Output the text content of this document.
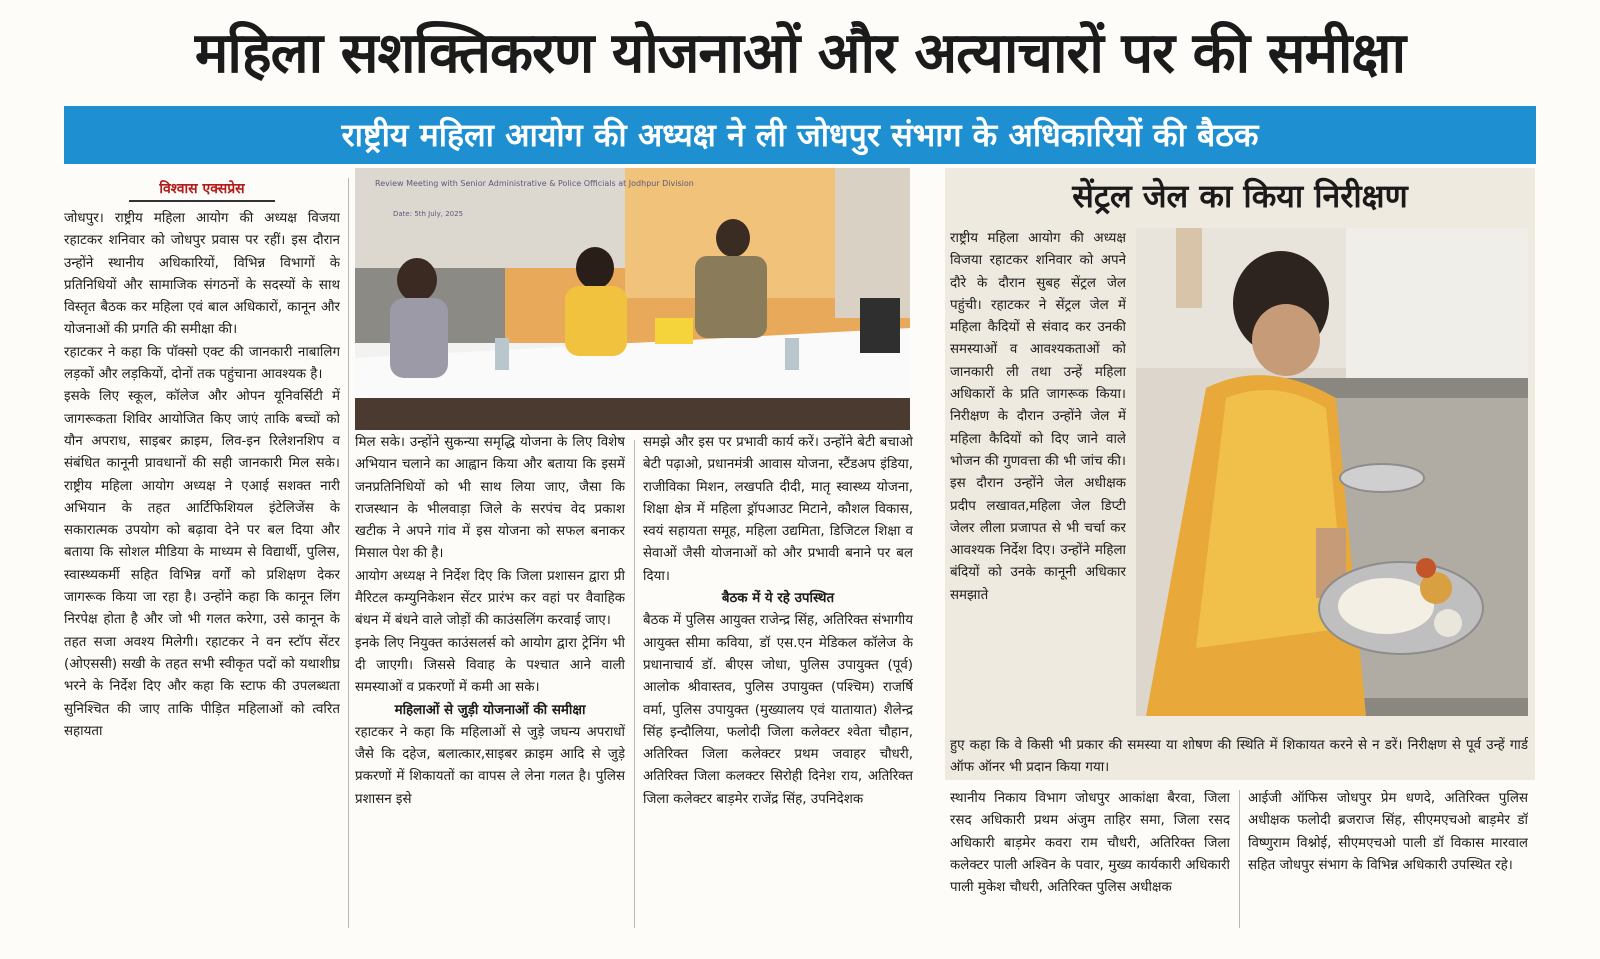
महिला सशक्तिकरण योजनाओं और अत्याचारों पर की समीक्षा
राष्ट्रीय महिला आयोग की अध्यक्ष ने ली जोधपुर संभाग के अधिकारियों की बैठक
विश्वास एक्सप्रेस

जोधपुर। राष्ट्रीय महिला आयोग की अध्यक्ष विजया रहाटकर शनिवार को जोधपुर प्रवास पर रहीं। इस दौरान उन्होंने स्थानीय अधिकारियों, विभिन्न विभागों के प्रतिनिधियों और सामाजिक संगठनों के सदस्यों के साथ विस्तृत बैठक कर महिला एवं बाल अधिकारों, कानून और योजनाओं की प्रगति की समीक्षा की।

रहाटकर ने कहा कि पॉक्सो एक्ट की जानकारी नाबालिग लड़कों और लड़कियों, दोनों तक पहुंचाना आवश्यक है।

इसके लिए स्कूल, कॉलेज और ओपन यूनिवर्सिटी में जागरूकता शिविर आयोजित किए जाएं ताकि बच्चों को यौन अपराध, साइबर क्राइम, लिव-इन रिलेशनशिप व संबंधित कानूनी प्रावधानों की सही जानकारी मिल सके। राष्ट्रीय महिला आयोग अध्यक्ष ने एआई सशक्त नारी अभियान के तहत आर्टिफिशियल इंटेलिजेंस के सकारात्मक उपयोग को बढ़ावा देने पर बल दिया और बताया कि सोशल मीडिया के माध्यम से विद्यार्थी, पुलिस, स्वास्थ्यकर्मी सहित विभिन्न वर्गों को प्रशिक्षण देकर जागरूक किया जा रहा है। उन्होंने कहा कि कानून लिंग निरपेक्ष होता है और जो भी गलत करेगा, उसे कानून के तहत सजा अवश्य मिलेगी। रहाटकर ने वन स्टॉप सेंटर (ओएससी) सखी के तहत सभी स्वीकृत पदों को यथाशीघ्र भरने के निर्देश दिए और कहा कि स्टाफ की उपलब्धता सुनिश्चित की जाए ताकि पीड़ित महिलाओं को त्वरित सहायता

Review Meeting with Senior Administrative & Police Officials at Jodhpur Division
Date: 5th July, 2025

मिल सके। उन्होंने सुकन्या समृद्धि योजना के लिए विशेष अभियान चलाने का आह्वान किया और बताया कि इसमें जनप्रतिनिधियों को भी साथ लिया जाए, जैसा कि राजस्थान के भीलवाड़ा जिले के सरपंच वेद प्रकाश खटीक ने अपने गांव में इस योजना को सफल बनाकर मिसाल पेश की है।

आयोग अध्यक्ष ने निर्देश दिए कि जिला प्रशासन द्वारा प्री मैरिटल कम्युनिकेशन सेंटर प्रारंभ कर वहां पर वैवाहिक बंधन में बंधने वाले जोड़ों की काउंसलिंग करवाई जाए।

इनके लिए नियुक्त काउंसलर्स को आयोग द्वारा ट्रेनिंग भी दी जाएगी। जिससे विवाह के पश्चात आने वाली समस्याओं व प्रकरणों में कमी आ सके।

महिलाओं से जुड़ी योजनाओं की समीक्षा

रहाटकर ने कहा कि महिलाओं से जुड़े जघन्य अपराधों जैसे कि दहेज, बलात्कार,साइबर क्राइम आदि से जुड़े प्रकरणों में शिकायतों का वापस ले लेना गलत है। पुलिस प्रशासन इसे

समझे और इस पर प्रभावी कार्य करें। उन्होंने बेटी बचाओ बेटी पढ़ाओ, प्रधानमंत्री आवास योजना, स्टैंडअप इंडिया, राजीविका मिशन, लखपति दीदी, मातृ स्वास्थ्य योजना, शिक्षा क्षेत्र में महिला ड्रॉपआउट मिटाने, कौशल विकास, स्वयं सहायता समूह, महिला उद्यमिता, डिजिटल शिक्षा व सेवाओं जैसी योजनाओं को और प्रभावी बनाने पर बल दिया।

बैठक में ये रहे उपस्थित

बैठक में पुलिस आयुक्त राजेन्द्र सिंह, अतिरिक्त संभागीय आयुक्त सीमा कविया, डॉ एस.एन मेडिकल कॉलेज के प्रधानाचार्य डॉ. बीएस जोधा, पुलिस उपायुक्त (पूर्व) आलोक श्रीवास्तव, पुलिस उपायुक्त (पश्चिम) राजर्षि वर्मा, पुलिस उपायुक्त (मुख्यालय एवं यातायात) शैलेन्द्र सिंह इन्दौलिया, फलोदी जिला कलेक्टर श्वेता चौहान, अतिरिक्त जिला कलेक्टर प्रथम जवाहर चौधरी, अतिरिक्त जिला कलक्टर सिरोही दिनेश राय, अतिरिक्त जिला कलेक्टर बाड़मेर राजेंद्र सिंह, उपनिदेशक

सेंट्रल जेल का किया निरीक्षण

राष्ट्रीय महिला आयोग की अध्यक्ष विजया रहाटकर शनिवार को अपने दौरे के दौरान सुबह सेंट्रल जेल पहुंची। रहाटकर ने सेंट्रल जेल में महिला कैदियों से संवाद कर उनकी समस्याओं व आवश्यकताओं को जानकारी ली तथा उन्हें महिला अधिकारों के प्रति जागरूक किया। निरीक्षण के दौरान उन्होंने जेल में महिला कैदियों को दिए जाने वाले भोजन की गुणवत्ता की भी जांच की। इस दौरान उन्होंने जेल अधीक्षक प्रदीप लखावत,महिला जेल डिप्टी जेलर लीला प्रजापत से भी चर्चा कर आवश्यक निर्देश दिए। उन्होंने महिला बंदियों को उनके कानूनी अधिकार समझाते

हुए कहा कि वे किसी भी प्रकार की समस्या या शोषण की स्थिति में शिकायत करने से न डरें। निरीक्षण से पूर्व उन्हें गार्ड ऑफ ऑनर भी प्रदान किया गया।

स्थानीय निकाय विभाग जोधपुर आकांक्षा बैरवा, जिला रसद अधिकारी प्रथम अंजुम ताहिर समा, जिला रसद अधिकारी बाड़मेर कवरा राम चौधरी, अतिरिक्त जिला कलेक्टर पाली अश्विन के पवार, मुख्य कार्यकारी अधिकारी पाली मुकेश चौधरी, अतिरिक्त पुलिस अधीक्षक

आईजी ऑफिस जोधपुर प्रेम धणदे, अतिरिक्त पुलिस अधीक्षक फलोदी ब्रजराज सिंह, सीएमएचओ बाड़मेर डॉ विष्णुराम विश्नोई, सीएमएचओ पाली डॉ विकास मारवाल सहित जोधपुर संभाग के विभिन्न अधिकारी उपस्थित रहे।
